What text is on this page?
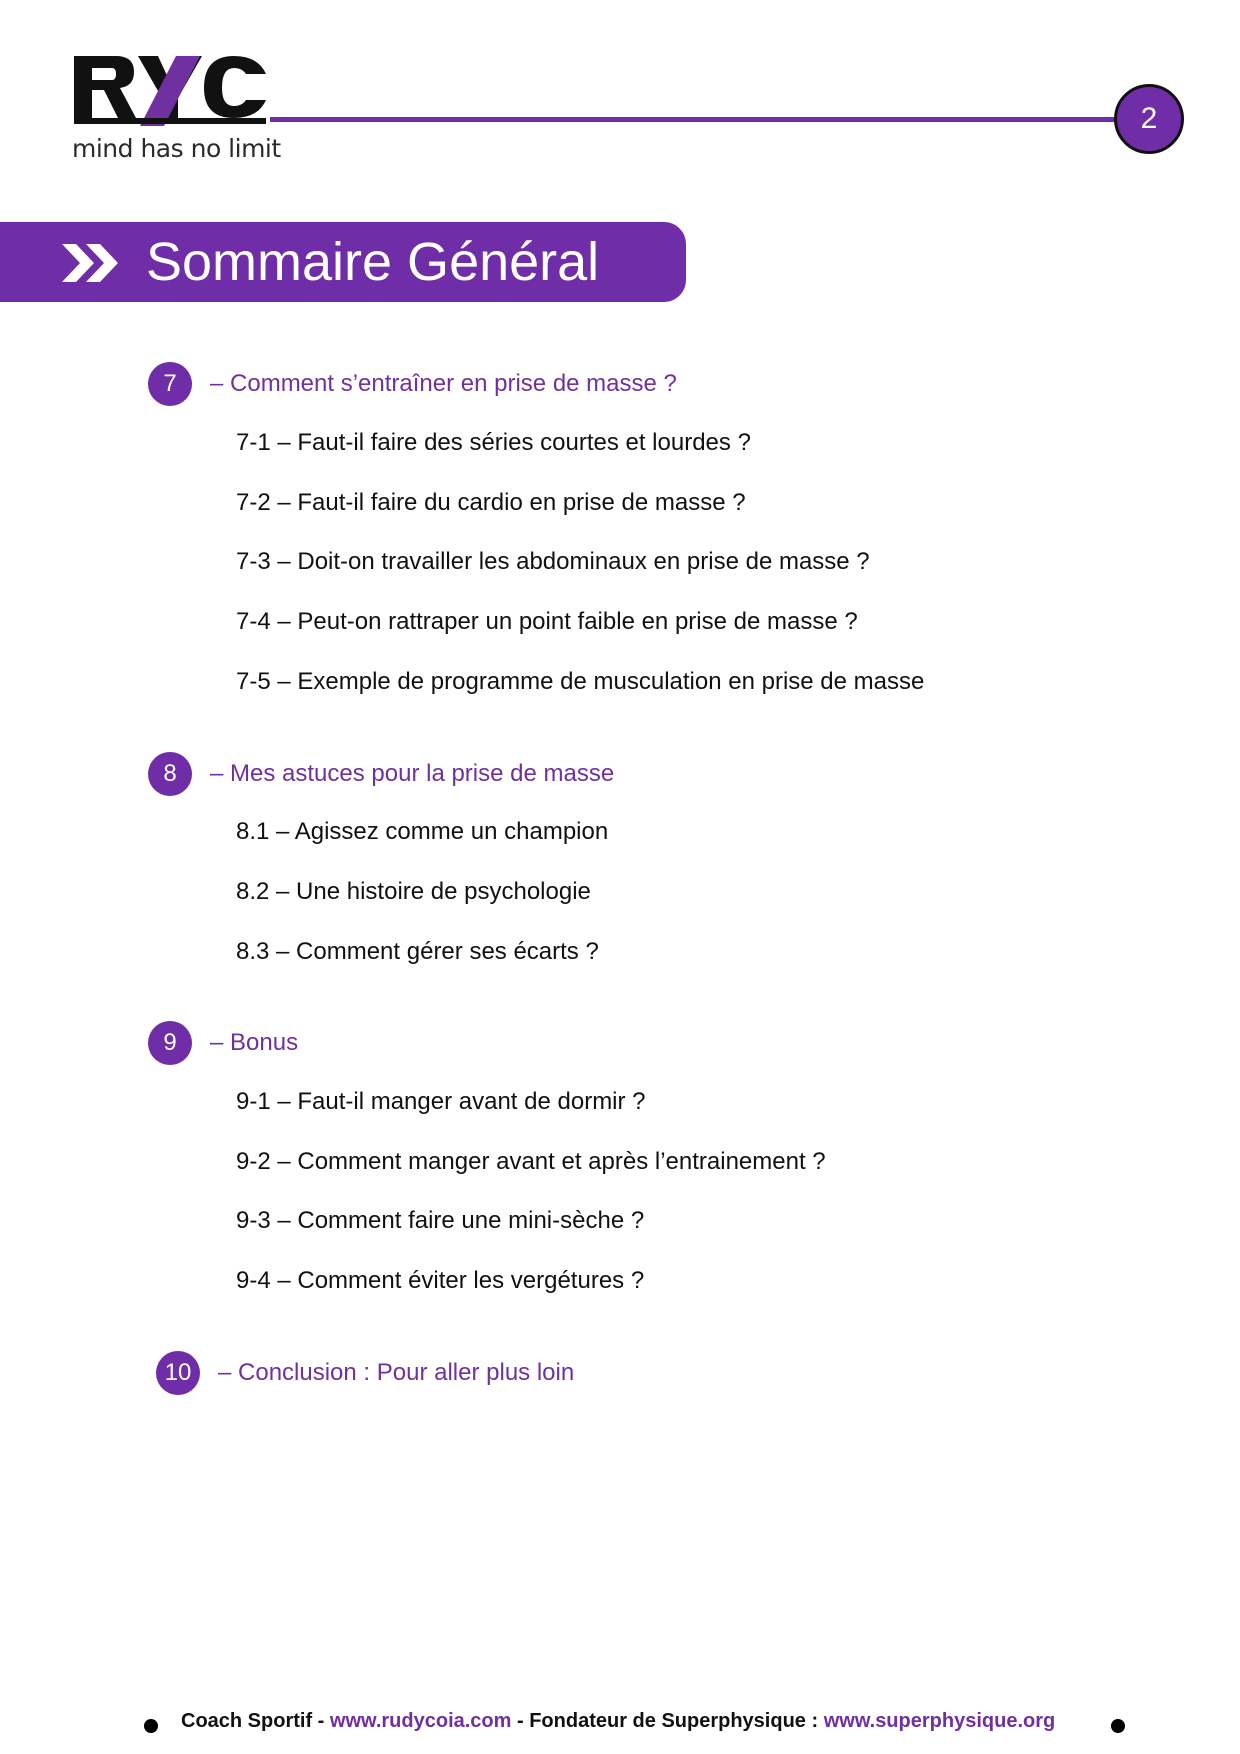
mind has no limit
2
Sommaire Général
7	– Comment s’entraîner en prise de masse ?
7-1 – Faut-il faire des séries courtes et lourdes ?
7-2 – Faut-il faire du cardio en prise de masse ?
7-3 – Doit-on travailler les abdominaux en prise de masse ?
7-4 – Peut-on rattraper un point faible en prise de masse ?
7-5 – Exemple de programme de musculation en prise de masse
8	– Mes astuces pour la prise de masse
8.1 – Agissez comme un champion
8.2 – Une histoire de psychologie
8.3 – Comment gérer ses écarts ?
9	– Bonus
9-1 – Faut-il manger avant de dormir ?
9-2 – Comment manger avant et après l’entrainement ?
9-3 – Comment faire une mini-sèche ?
9-4 – Comment éviter les vergétures ?
10	– Conclusion : Pour aller plus loin
Coach Sportif - www.rudycoia.com - Fondateur de Superphysique : www.superphysique.org
